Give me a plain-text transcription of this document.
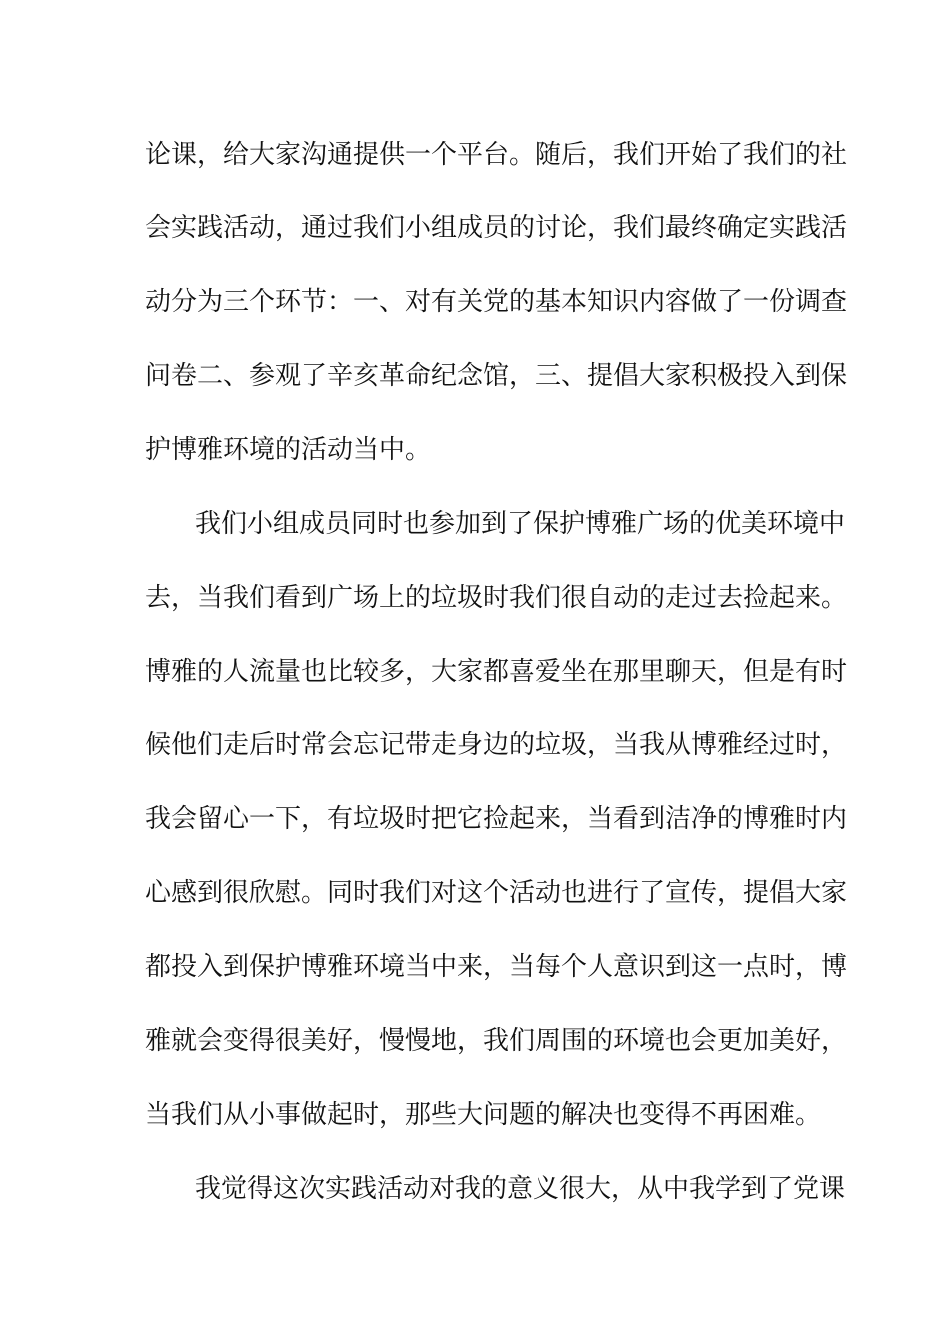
论课，给大家沟通提供一个平台。随后，我们开始了我们的社
会实践活动，通过我们小组成员的讨论，我们最终确定实践活
动分为三个环节：一、对有关党的基本知识内容做了一份调查
问卷二、参观了辛亥革命纪念馆，三、提倡大家积极投入到保
护博雅环境的活动当中。
我们小组成员同时也参加到了保护博雅广场的优美环境中
去，当我们看到广场上的垃圾时我们很自动的走过去捡起来。
博雅的人流量也比较多，大家都喜爱坐在那里聊天，但是有时
候他们走后时常会忘记带走身边的垃圾，当我从博雅经过时，
我会留心一下，有垃圾时把它捡起来，当看到洁净的博雅时内
心感到很欣慰。同时我们对这个活动也进行了宣传，提倡大家
都投入到保护博雅环境当中来，当每个人意识到这一点时，博
雅就会变得很美好，慢慢地，我们周围的环境也会更加美好，
当我们从小事做起时，那些大问题的解决也变得不再困难。
我觉得这次实践活动对我的意义很大，从中我学到了党课
